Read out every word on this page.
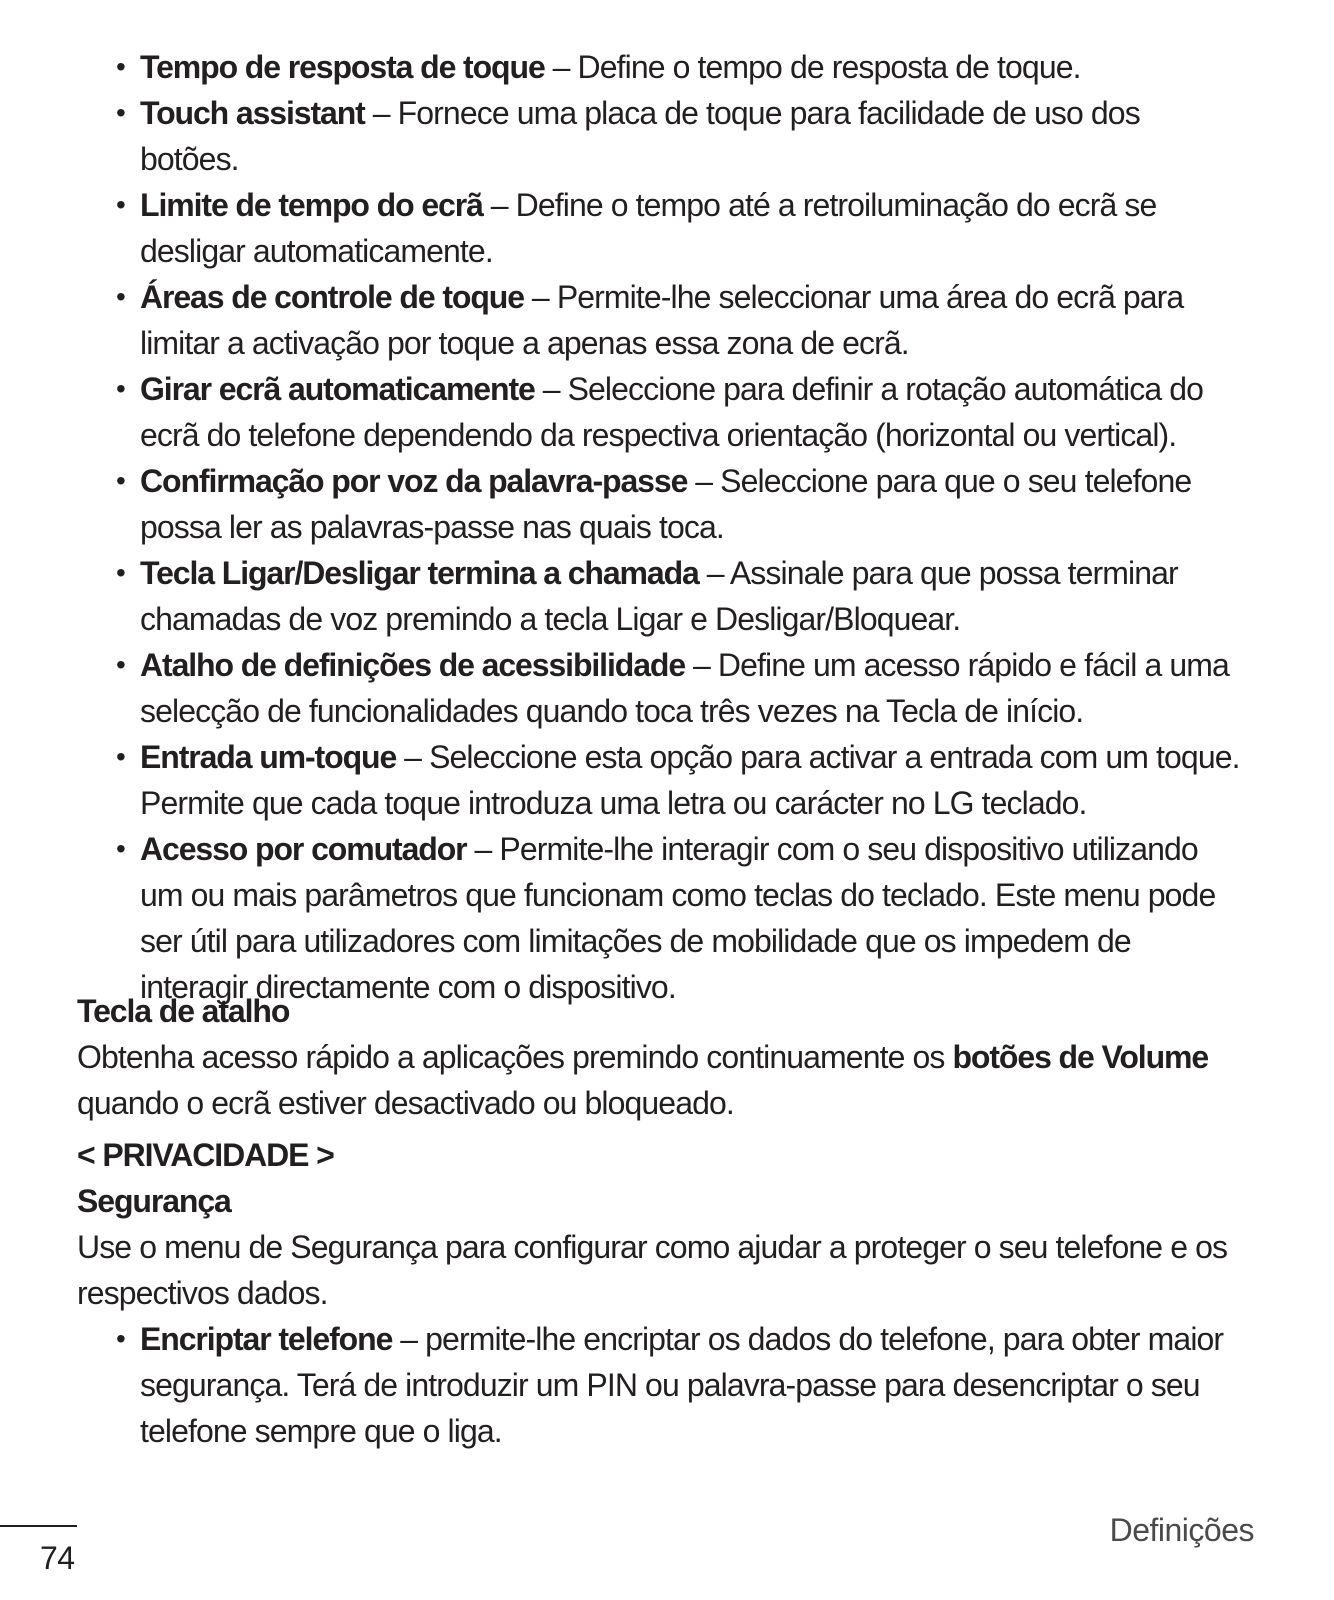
• Tempo de resposta de toque – Define o tempo de resposta de toque.
• Touch assistant – Fornece uma placa de toque para facilidade de uso dos botões.
• Limite de tempo do ecrã – Define o tempo até a retroiluminação do ecrã se desligar automaticamente.
• Áreas de controle de toque – Permite-lhe seleccionar uma área do ecrã para limitar a activação por toque a apenas essa zona de ecrã.
• Girar ecrã automaticamente – Seleccione para definir a rotação automática do ecrã do telefone dependendo da respectiva orientação (horizontal ou vertical).
• Confirmação por voz da palavra-passe – Seleccione para que o seu telefone possa ler as palavras-passe nas quais toca.
• Tecla Ligar/Desligar termina a chamada – Assinale para que possa terminar chamadas de voz premindo a tecla Ligar e Desligar/Bloquear.
• Atalho de definições de acessibilidade – Define um acesso rápido e fácil a uma selecção de funcionalidades quando toca três vezes na Tecla de início.
• Entrada um-toque – Seleccione esta opção para activar a entrada com um toque. Permite que cada toque introduza uma letra ou carácter no LG teclado.
• Acesso por comutador – Permite-lhe interagir com o seu dispositivo utilizando um ou mais parâmetros que funcionam como teclas do teclado. Este menu pode ser útil para utilizadores com limitações de mobilidade que os impedem de interagir directamente com o dispositivo.
Tecla de atalho
Obtenha acesso rápido a aplicações premindo continuamente os botões de Volume quando o ecrã estiver desactivado ou bloqueado.
< PRIVACIDADE >
Segurança
Use o menu de Segurança para configurar como ajudar a proteger o seu telefone e os respectivos dados.
• Encriptar telefone – permite-lhe encriptar os dados do telefone, para obter maior segurança. Terá de introduzir um PIN ou palavra-passe para desencriptar o seu telefone sempre que o liga.
74
Definições
